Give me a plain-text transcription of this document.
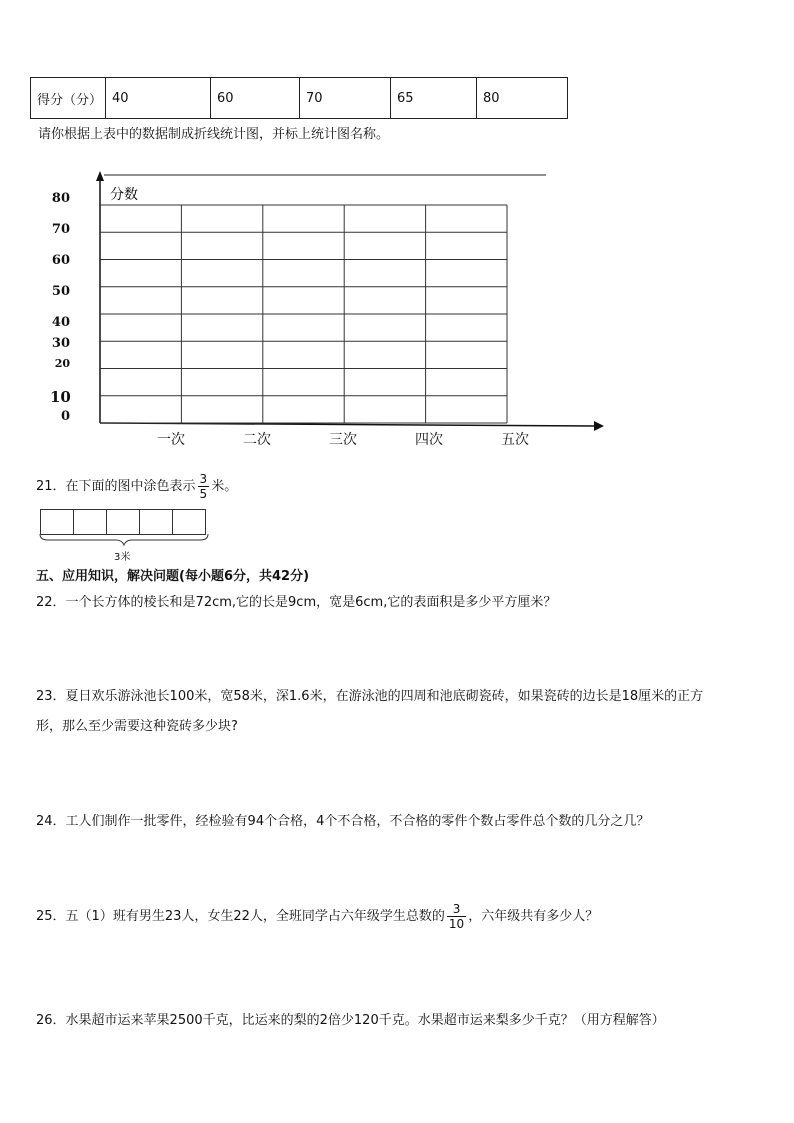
得分（分）	40	60	70	65	80
请你根据上表中的数据制成折线统计图，并标上统计图名称。
分数
80
70
60
50
40
30
20
10
0
一次	二次	三次	四次	五次
21．在下面的图中涂色表示 $\frac{3}{5}$ 米。
3米
五、应用知识，解决问题(每小题6分，共42分)
22．一个长方体的棱长和是72cm,它的长是9cm，宽是6cm,它的表面积是多少平方厘米？
23．夏日欢乐游泳池长100米，宽58米，深1.6米，在游泳池的四周和池底砌瓷砖，如果瓷砖的边长是18厘米的正方
形，那么至少需要这种瓷砖多少块?
24．工人们制作一批零件，经检验有94个合格，4个不合格，不合格的零件个数占零件总个数的几分之几？
25．五（1）班有男生23人，女生22人，全班同学占六年级学生总数的 $\frac{3}{10}$ ，六年级共有多少人？
26．水果超市运来苹果2500千克，比运来的梨的2倍少120千克。水果超市运来梨多少千克？（用方程解答）
